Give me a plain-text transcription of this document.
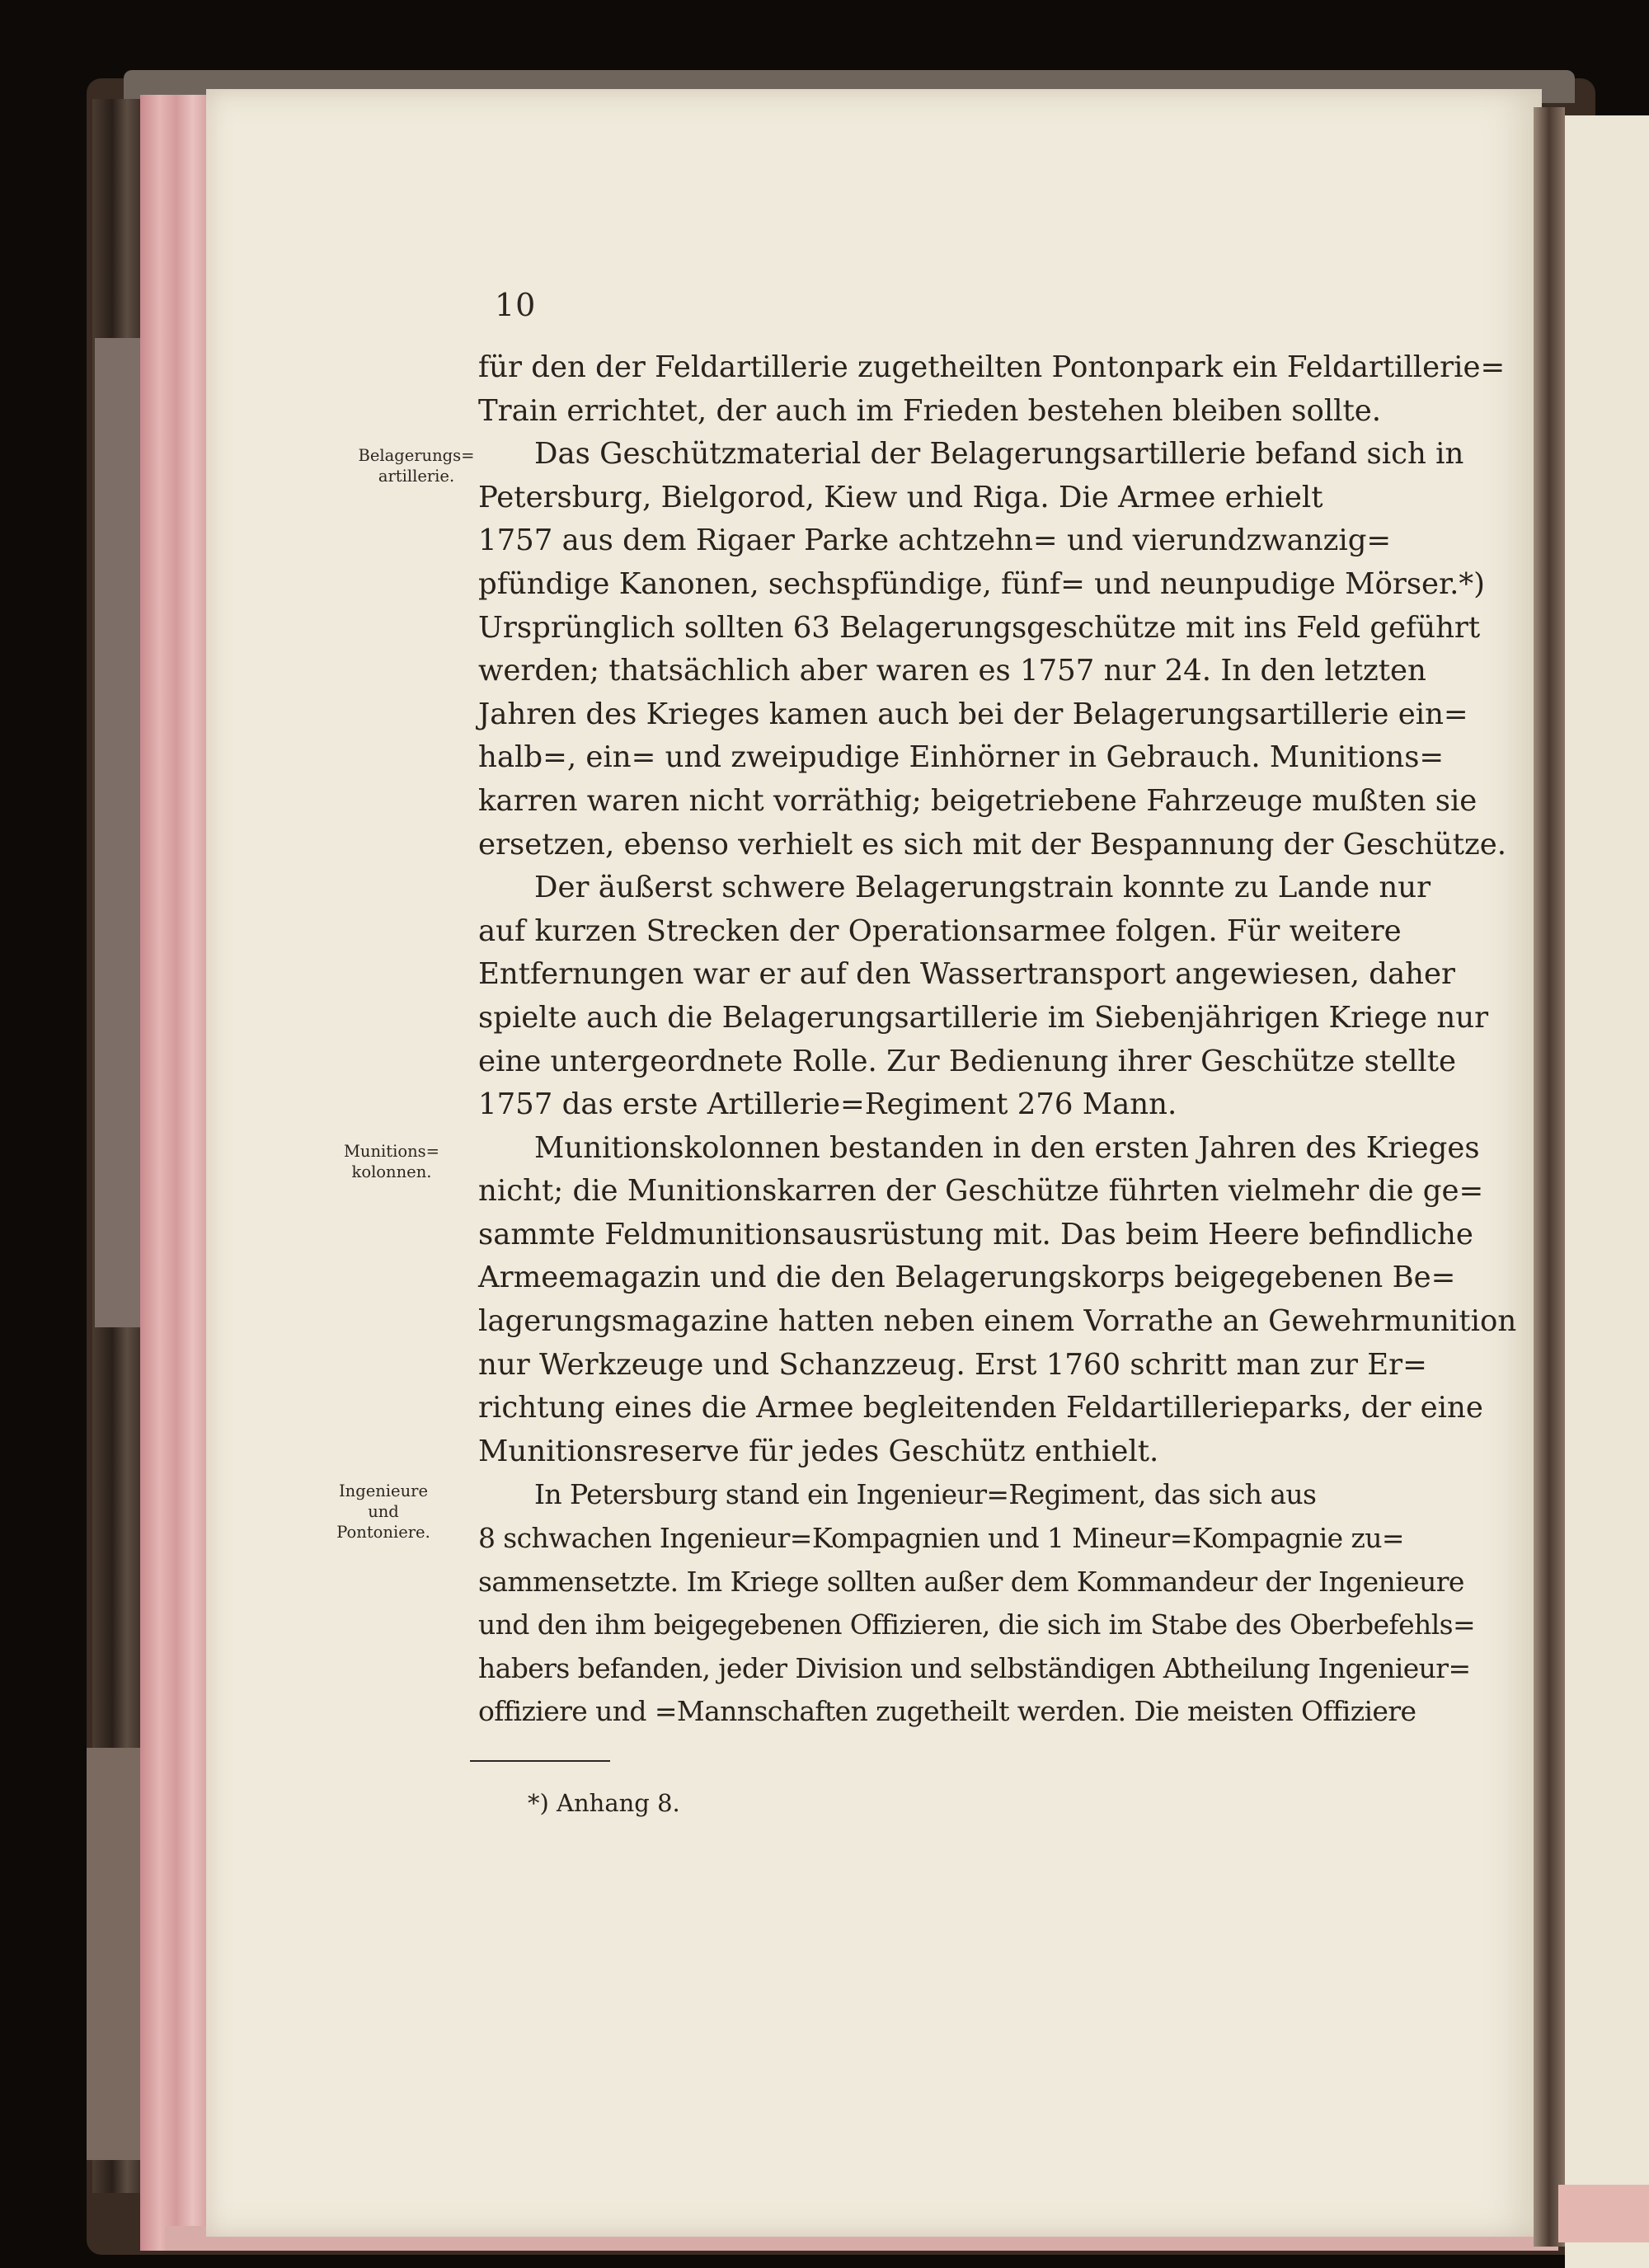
10
Belagerungs=
artillerie.
Munitions=
kolonnen.
Ingenieure und
Pontoniere.
für den der Feldartillerie zugetheilten Pontonpark ein Feldartillerie=
Train errichtet, der auch im Frieden bestehen bleiben sollte.
Das Geschützmaterial der Belagerungsartillerie befand sich in
Petersburg, Bielgorod, Kiew und Riga. Die Armee erhielt
1757 aus dem Rigaer Parke achtzehn= und vierundzwanzig=
pfündige Kanonen, sechspfündige, fünf= und neunpudige Mörser.*)
Ursprünglich sollten 63 Belagerungsgeschütze mit ins Feld geführt
werden; thatsächlich aber waren es 1757 nur 24. In den letzten
Jahren des Krieges kamen auch bei der Belagerungsartillerie ein=
halb=, ein= und zweipudige Einhörner in Gebrauch. Munitions=
karren waren nicht vorräthig; beigetriebene Fahrzeuge mußten sie
ersetzen, ebenso verhielt es sich mit der Bespannung der Geschütze.
Der äußerst schwere Belagerungstrain konnte zu Lande nur
auf kurzen Strecken der Operationsarmee folgen. Für weitere
Entfernungen war er auf den Wassertransport angewiesen, daher
spielte auch die Belagerungsartillerie im Siebenjährigen Kriege nur
eine untergeordnete Rolle. Zur Bedienung ihrer Geschütze stellte
1757 das erste Artillerie=Regiment 276 Mann.
Munitionskolonnen bestanden in den ersten Jahren des Krieges
nicht; die Munitionskarren der Geschütze führten vielmehr die ge=
sammte Feldmunitionsausrüstung mit. Das beim Heere befindliche
Armeemagazin und die den Belagerungskorps beigegebenen Be=
lagerungsmagazine hatten neben einem Vorrathe an Gewehrmunition
nur Werkzeuge und Schanzzeug. Erst 1760 schritt man zur Er=
richtung eines die Armee begleitenden Feldartillerieparks, der eine
Munitionsreserve für jedes Geschütz enthielt.
In Petersburg stand ein Ingenieur=Regiment, das sich aus
8 schwachen Ingenieur=Kompagnien und 1 Mineur=Kompagnie zu=
sammensetzte. Im Kriege sollten außer dem Kommandeur der Ingenieure
und den ihm beigegebenen Offizieren, die sich im Stabe des Oberbefehls=
habers befanden, jeder Division und selbständigen Abtheilung Ingenieur=
offiziere und =Mannschaften zugetheilt werden. Die meisten Offiziere
*) Anhang 8.
